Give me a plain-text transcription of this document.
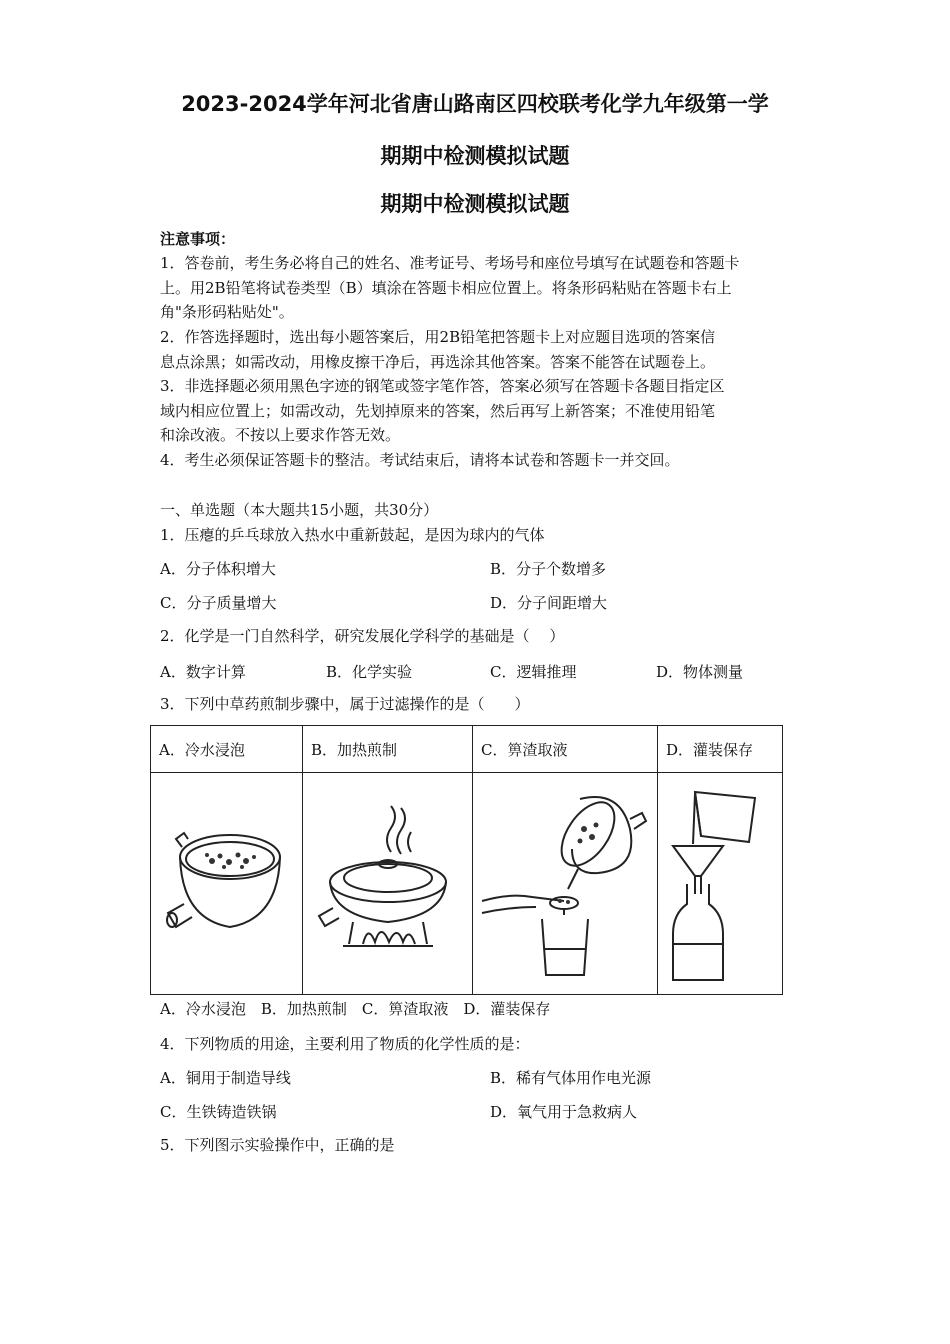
2023-2024学年河北省唐山路南区四校联考化学九年级第一学
期期中检测模拟试题
期期中检测模拟试题
注意事项：
1．答卷前，考生务必将自己的姓名、准考证号、考场号和座位号填写在试题卷和答题卡
上。用2B铅笔将试卷类型（B）填涂在答题卡相应位置上。将条形码粘贴在答题卡右上
角"条形码粘贴处"。
2．作答选择题时，选出每小题答案后，用2B铅笔把答题卡上对应题目选项的答案信
息点涂黑；如需改动，用橡皮擦干净后，再选涂其他答案。答案不能答在试题卷上。
3．非选择题必须用黑色字迹的钢笔或签字笔作答，答案必须写在答题卡各题目指定区
域内相应位置上；如需改动，先划掉原来的答案，然后再写上新答案；不准使用铅笔
和涂改液。不按以上要求作答无效。
4．考生必须保证答题卡的整洁。考试结束后，请将本试卷和答题卡一并交回。
一、单选题（本大题共15小题，共30分）
1．压瘪的乒乓球放入热水中重新鼓起，是因为球内的气体
A．分子体积增大	B．分子个数增多
C．分子质量增大	D．分子间距增大
2．化学是一门自然科学，研究发展化学科学的基础是（　 ）
A．数字计算	B．化学实验	C．逻辑推理	D．物体测量
3．下列中草药煎制步骤中，属于过滤操作的是（　　）
A．冷水浸泡	B．加热煎制	C．箅渣取液	D．灌装保存

A．冷水浸泡　B．加热煎制　C．箅渣取液　D．灌装保存
4．下列物质的用途，主要利用了物质的化学性质的是：
A．铜用于制造导线	B．稀有气体用作电光源
C．生铁铸造铁锅	D．氧气用于急救病人
5．下列图示实验操作中，正确的是
